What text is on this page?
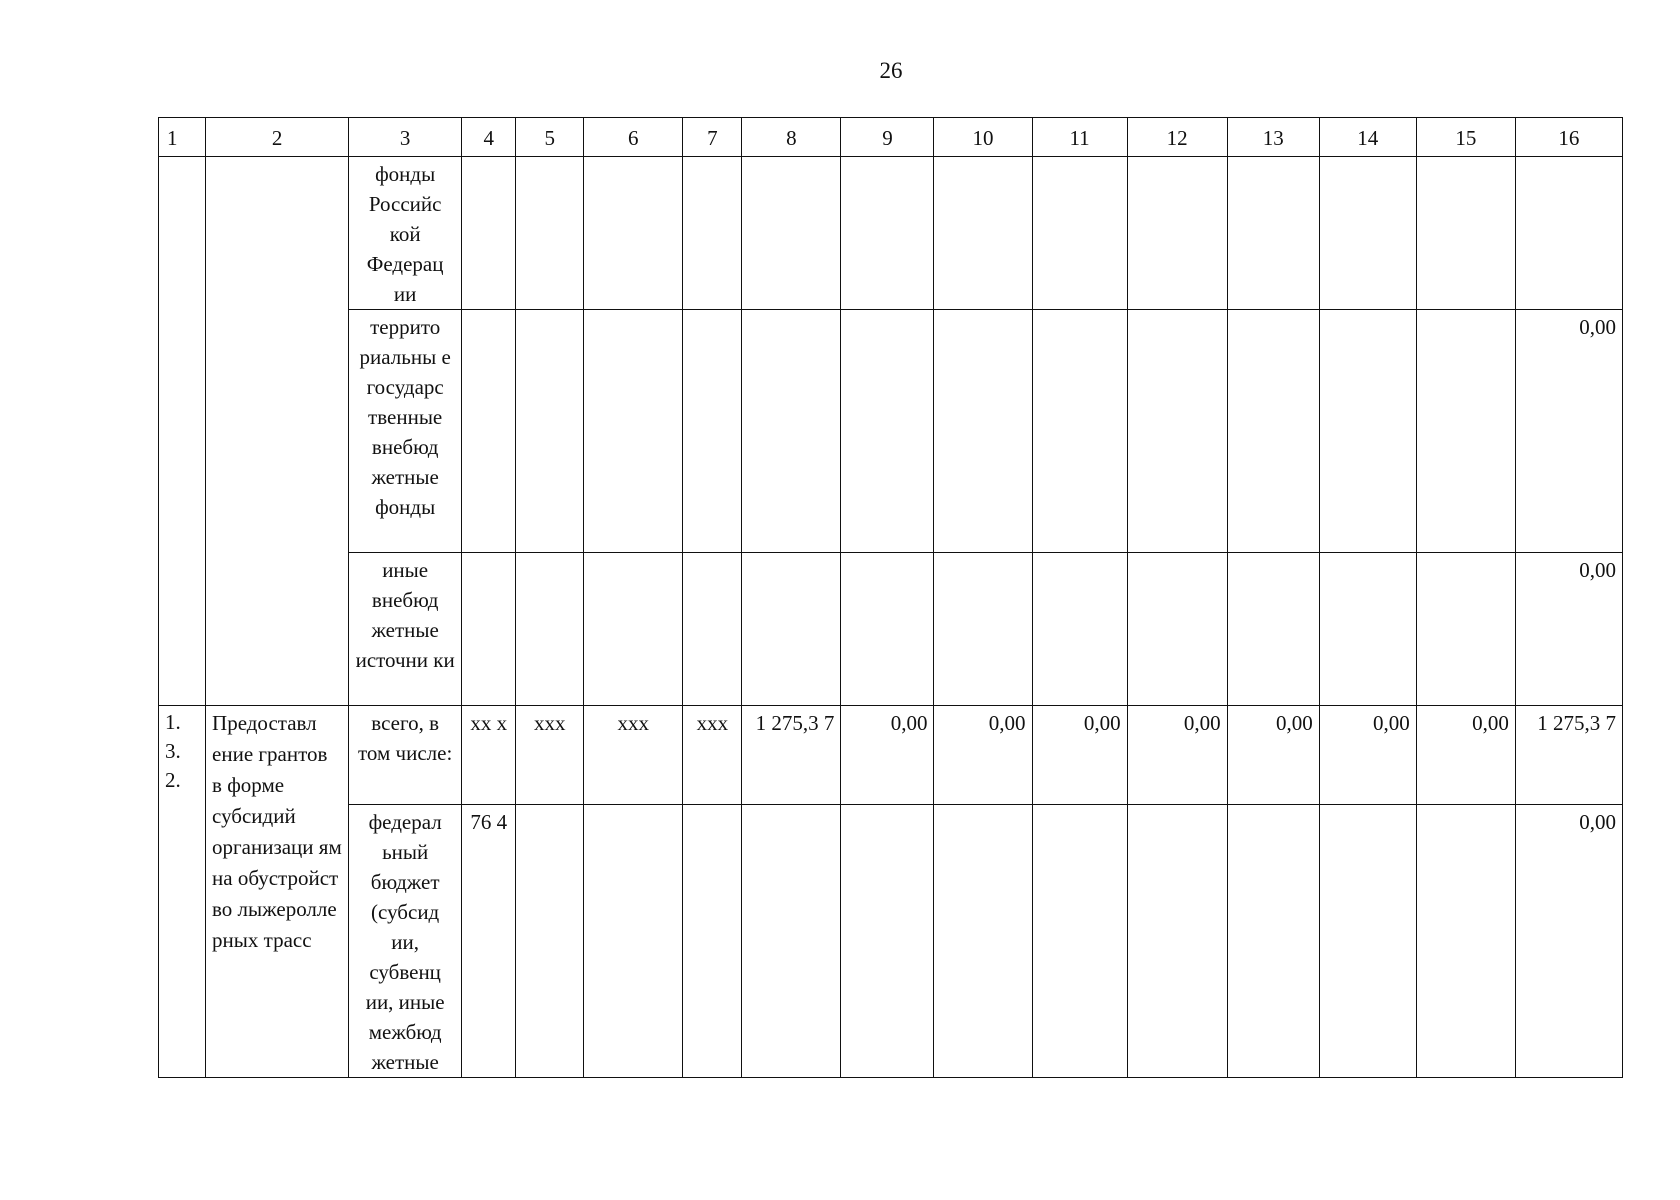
26
1	2	3	4	5	6	7	8	9	10	11	12	13	14	15	16
		фонды Российс кой Федерац ии													
		террито риальны е государс твенные внебюд жетные фонды													0,00
		иные внебюд жетные источни ки													0,00
1. 3. 2.	Предоставл ение грантов в форме субсидий организаци ям на обустройст во лыжеролле рных трасс	всего, в том числе:	xx x	xxx	xxx	xxx	1 275,3 7	0,00	0,00	0,00	0,00	0,00	0,00	0,00	1 275,3 7
		федерал ьный бюджет (субсид ии, субвенц ии, иные межбюд жетные	76 4												0,00
